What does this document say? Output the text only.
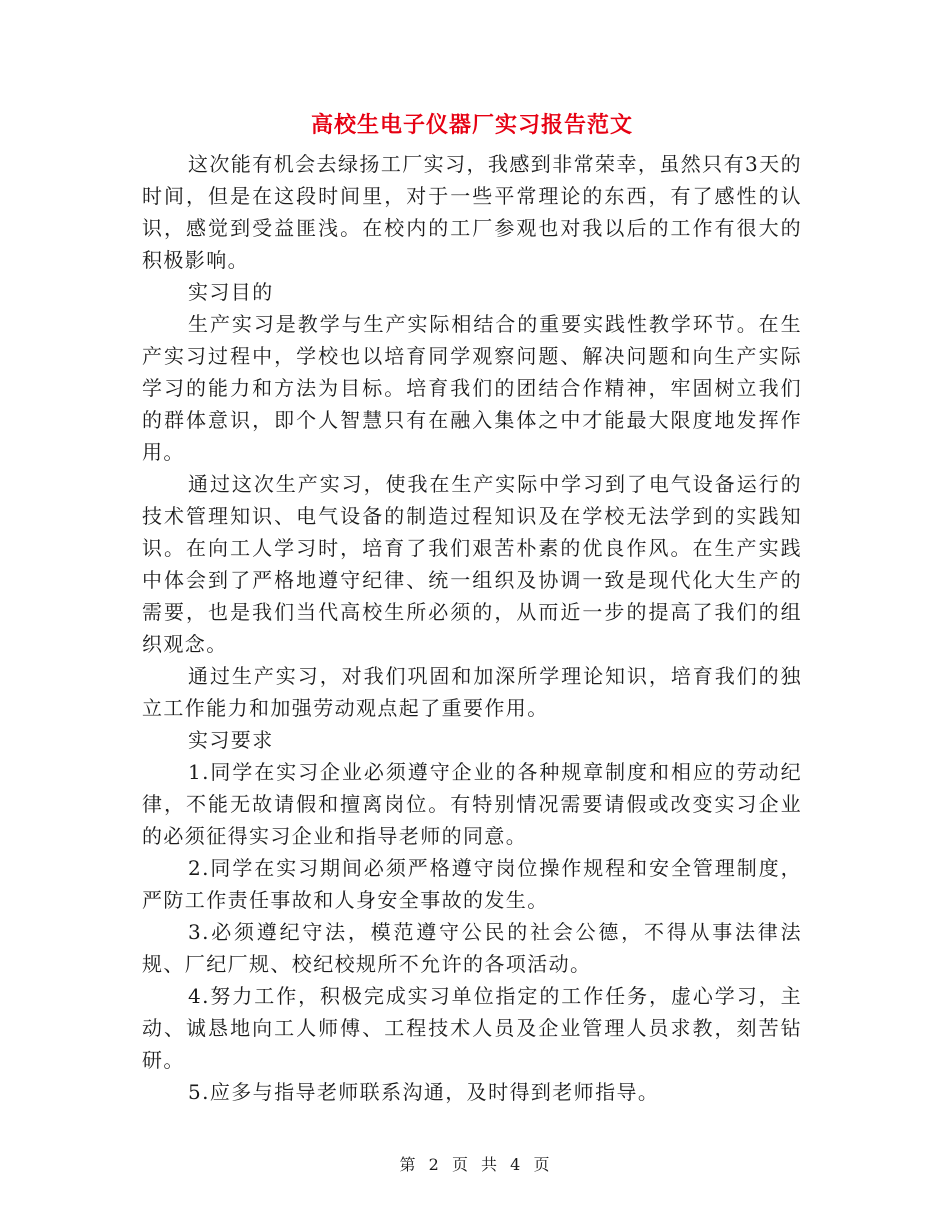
高校生电子仪器厂实习报告范文

这次能有机会去绿扬工厂实习，我感到非常荣幸，虽然只有3天的时间，但是在这段时间里，对于一些平常理论的东西，有了感性的认识，感觉到受益匪浅。在校内的工厂参观也对我以后的工作有很大的积极影响。

实习目的

生产实习是教学与生产实际相结合的重要实践性教学环节。在生产实习过程中，学校也以培育同学观察问题、解决问题和向生产实际学习的能力和方法为目标。培育我们的团结合作精神，牢固树立我们的群体意识，即个人智慧只有在融入集体之中才能最大限度地发挥作用。

通过这次生产实习，使我在生产实际中学习到了电气设备运行的技术管理知识、电气设备的制造过程知识及在学校无法学到的实践知识。在向工人学习时，培育了我们艰苦朴素的优良作风。在生产实践中体会到了严格地遵守纪律、统一组织及协调一致是现代化大生产的需要，也是我们当代高校生所必须的，从而近一步的提高了我们的组织观念。

通过生产实习，对我们巩固和加深所学理论知识，培育我们的独立工作能力和加强劳动观点起了重要作用。

实习要求

1.同学在实习企业必须遵守企业的各种规章制度和相应的劳动纪律，不能无故请假和擅离岗位。有特别情况需要请假或改变实习企业的必须征得实习企业和指导老师的同意。

2.同学在实习期间必须严格遵守岗位操作规程和安全管理制度，严防工作责任事故和人身安全事故的发生。

3.必须遵纪守法，模范遵守公民的社会公德，不得从事法律法规、厂纪厂规、校纪校规所不允许的各项活动。

4.努力工作，积极完成实习单位指定的工作任务，虚心学习，主动、诚恳地向工人师傅、工程技术人员及企业管理人员求教，刻苦钻研。

5.应多与指导老师联系沟通，及时得到老师指导。

第 2 页 共 4 页
